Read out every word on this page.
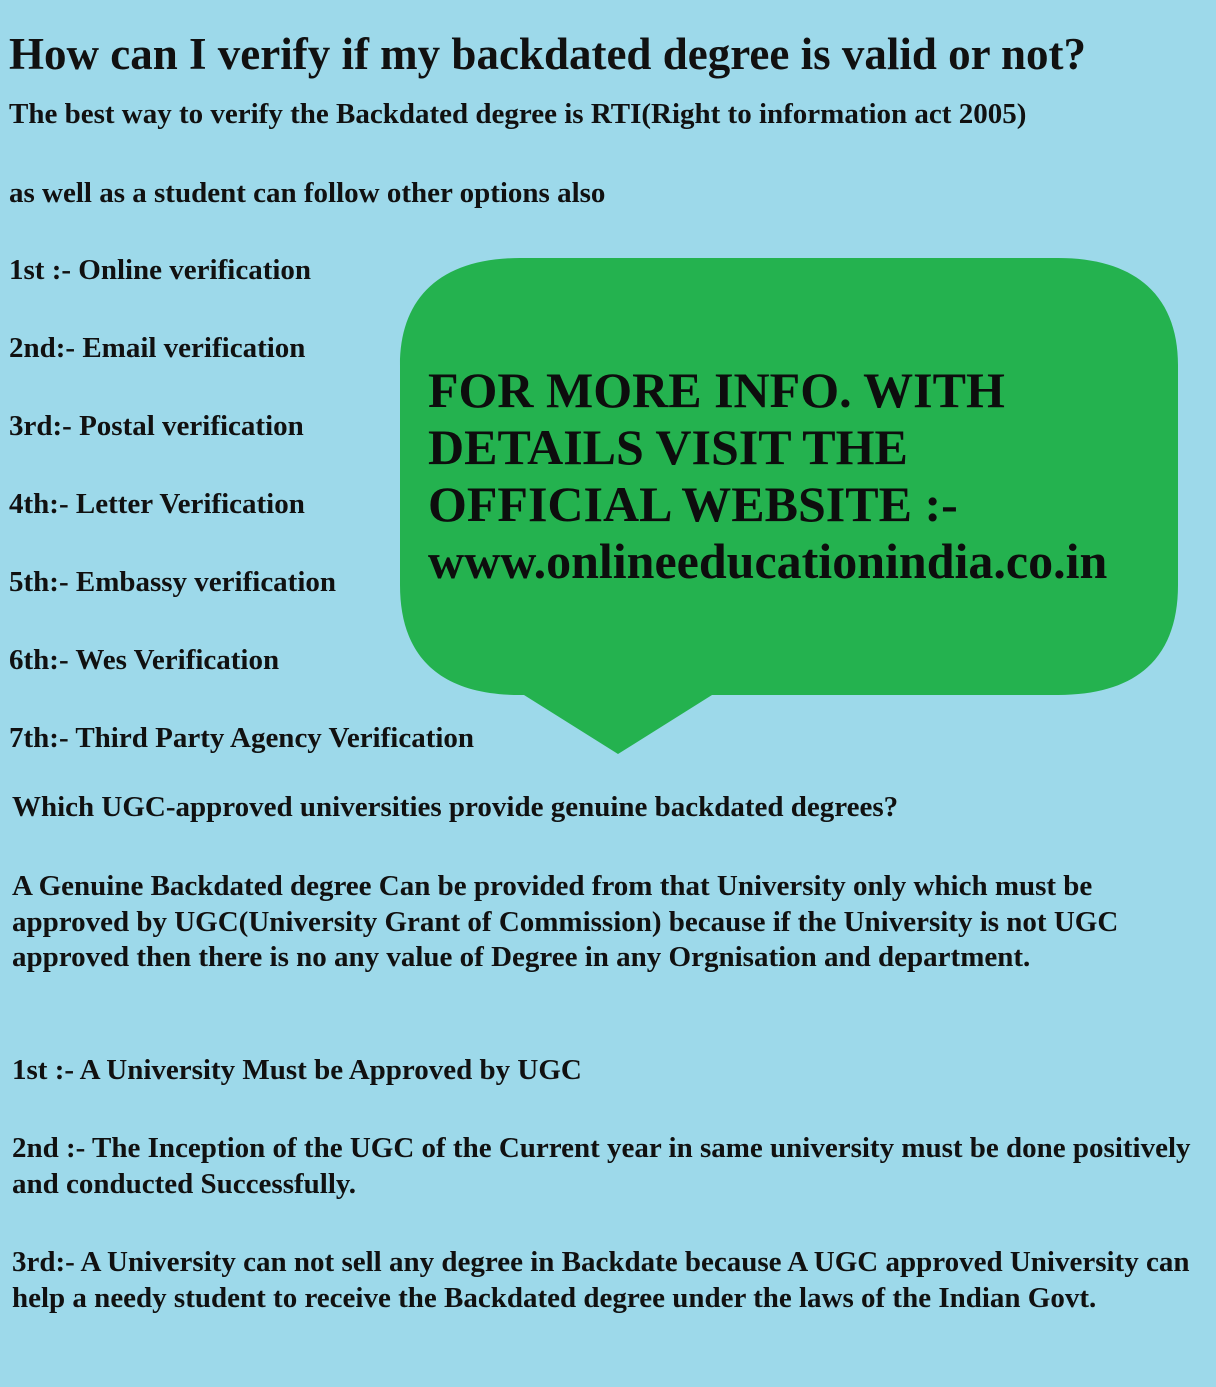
How can I verify if my backdated degree is valid or not?

The best way to verify the Backdated degree is RTI(Right to information act 2005)

as well as a student can follow other options also

1st :- Online verification

2nd:- Email verification

3rd:- Postal verification

4th:- Letter Verification

5th:- Embassy verification

6th:- Wes Verification

7th:- Third Party Agency Verification

FOR MORE INFO. WITH
DETAILS VISIT THE
OFFICIAL WEBSITE :-
www.onlineeducationindia.co.in

Which UGC-approved universities provide genuine backdated degrees?

A Genuine Backdated degree Can be provided from that University only which must be approved by UGC(University Grant of Commission) because if the University is not UGC approved then there is no any value of Degree in any Orgnisation and department.

1st :- A University Must be Approved by UGC

2nd :- The Inception of the UGC of the Current year in same university must be done positively and conducted Successfully.

3rd:- A University can not sell any degree in Backdate because A UGC approved University can help a needy student to receive the Backdated degree under the laws of the Indian Govt.
